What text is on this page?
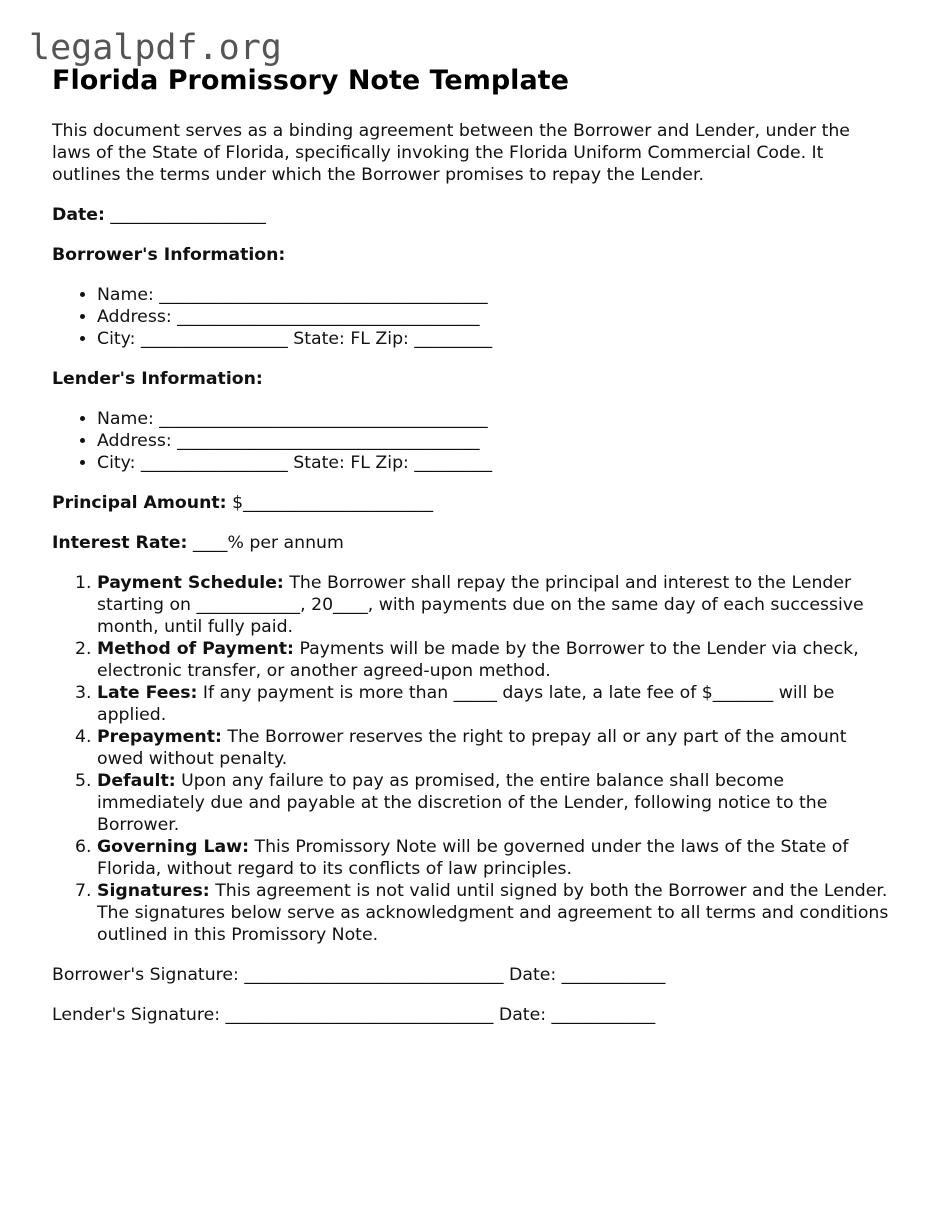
legalpdf.org
Florida Promissory Note Template

This document serves as a binding agreement between the Borrower and Lender, under the laws of the State of Florida, specifically invoking the Florida Uniform Commercial Code. It outlines the terms under which the Borrower promises to repay the Lender.

Date: __________________

Borrower's Information:

• Name: ______________________________________
• Address: ___________________________________
• City: _________________ State: FL Zip: _________

Lender's Information:

• Name: ______________________________________
• Address: ___________________________________
• City: _________________ State: FL Zip: _________

Principal Amount: $______________________

Interest Rate: ____% per annum

1. Payment Schedule: The Borrower shall repay the principal and interest to the Lender starting on ____________, 20____, with payments due on the same day of each successive month, until fully paid.
2. Method of Payment: Payments will be made by the Borrower to the Lender via check, electronic transfer, or another agreed-upon method.
3. Late Fees: If any payment is more than _____ days late, a late fee of $_______ will be applied.
4. Prepayment: The Borrower reserves the right to prepay all or any part of the amount owed without penalty.
5. Default: Upon any failure to pay as promised, the entire balance shall become immediately due and payable at the discretion of the Lender, following notice to the Borrower.
6. Governing Law: This Promissory Note will be governed under the laws of the State of Florida, without regard to its conflicts of law principles.
7. Signatures: This agreement is not valid until signed by both the Borrower and the Lender. The signatures below serve as acknowledgment and agreement to all terms and conditions outlined in this Promissory Note.

Borrower's Signature: ______________________________ Date: ____________

Lender's Signature: _______________________________ Date: ____________
